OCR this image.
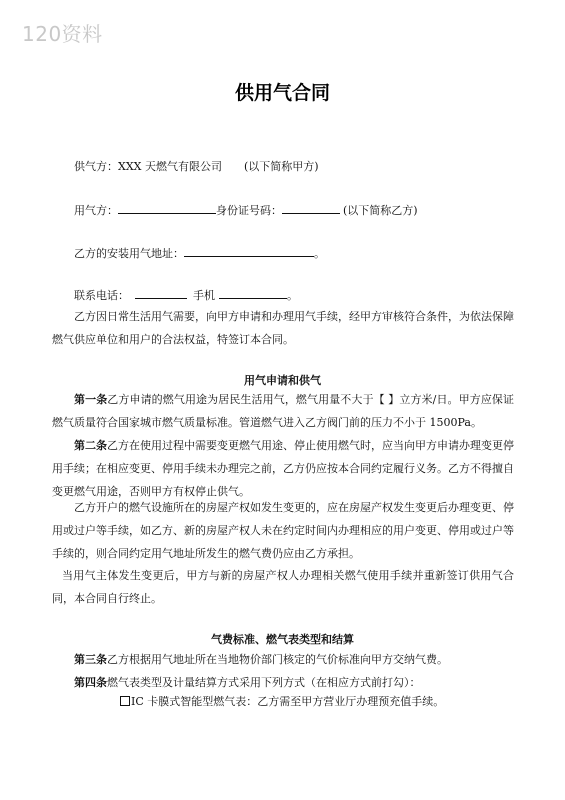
120资料
供用气合同
供气方：XXX 天燃气有限公司 (以下简称甲方)
用气方：	身份证号码：	(以下简称乙方)
乙方的安装用气地址：	。
联系电话：	手机	。
乙方因日常生活用气需要，向甲方申请和办理用气手续，经甲方审核符合条件，为依法保障燃气供应单位和用户的合法权益，特签订本合同。
用气申请和供气
第一条乙方申请的燃气用途为居民生活用气，燃气用量不大于【 】立方米/日。甲方应保证燃气质量符合国家城市燃气质量标准。管道燃气进入乙方阀门前的压力不小于 1500Pa。
第二条乙方在使用过程中需要变更燃气用途、停止使用燃气时，应当向甲方申请办理变更停用手续；在相应变更、停用手续未办理完之前，乙方仍应按本合同约定履行义务。乙方不得擅自变更燃气用途，否则甲方有权停止供气。
乙方开户的燃气设施所在的房屋产权如发生变更的，应在房屋产权发生变更后办理变更、停用或过户等手续，如乙方、新的房屋产权人未在约定时间内办理相应的用户变更、停用或过户等手续的，则合同约定用气地址所发生的燃气费仍应由乙方承担。
当用气主体发生变更后，甲方与新的房屋产权人办理相关燃气使用手续并重新签订供用气合同，本合同自行终止。
气费标准、燃气表类型和结算
第三条乙方根据用气地址所在当地物价部门核定的气价标准向甲方交纳气费。
第四条燃气表类型及计量结算方式采用下列方式（在相应方式前打勾）：
IC 卡膜式智能型燃气表：乙方需至甲方营业厅办理预充值手续。
